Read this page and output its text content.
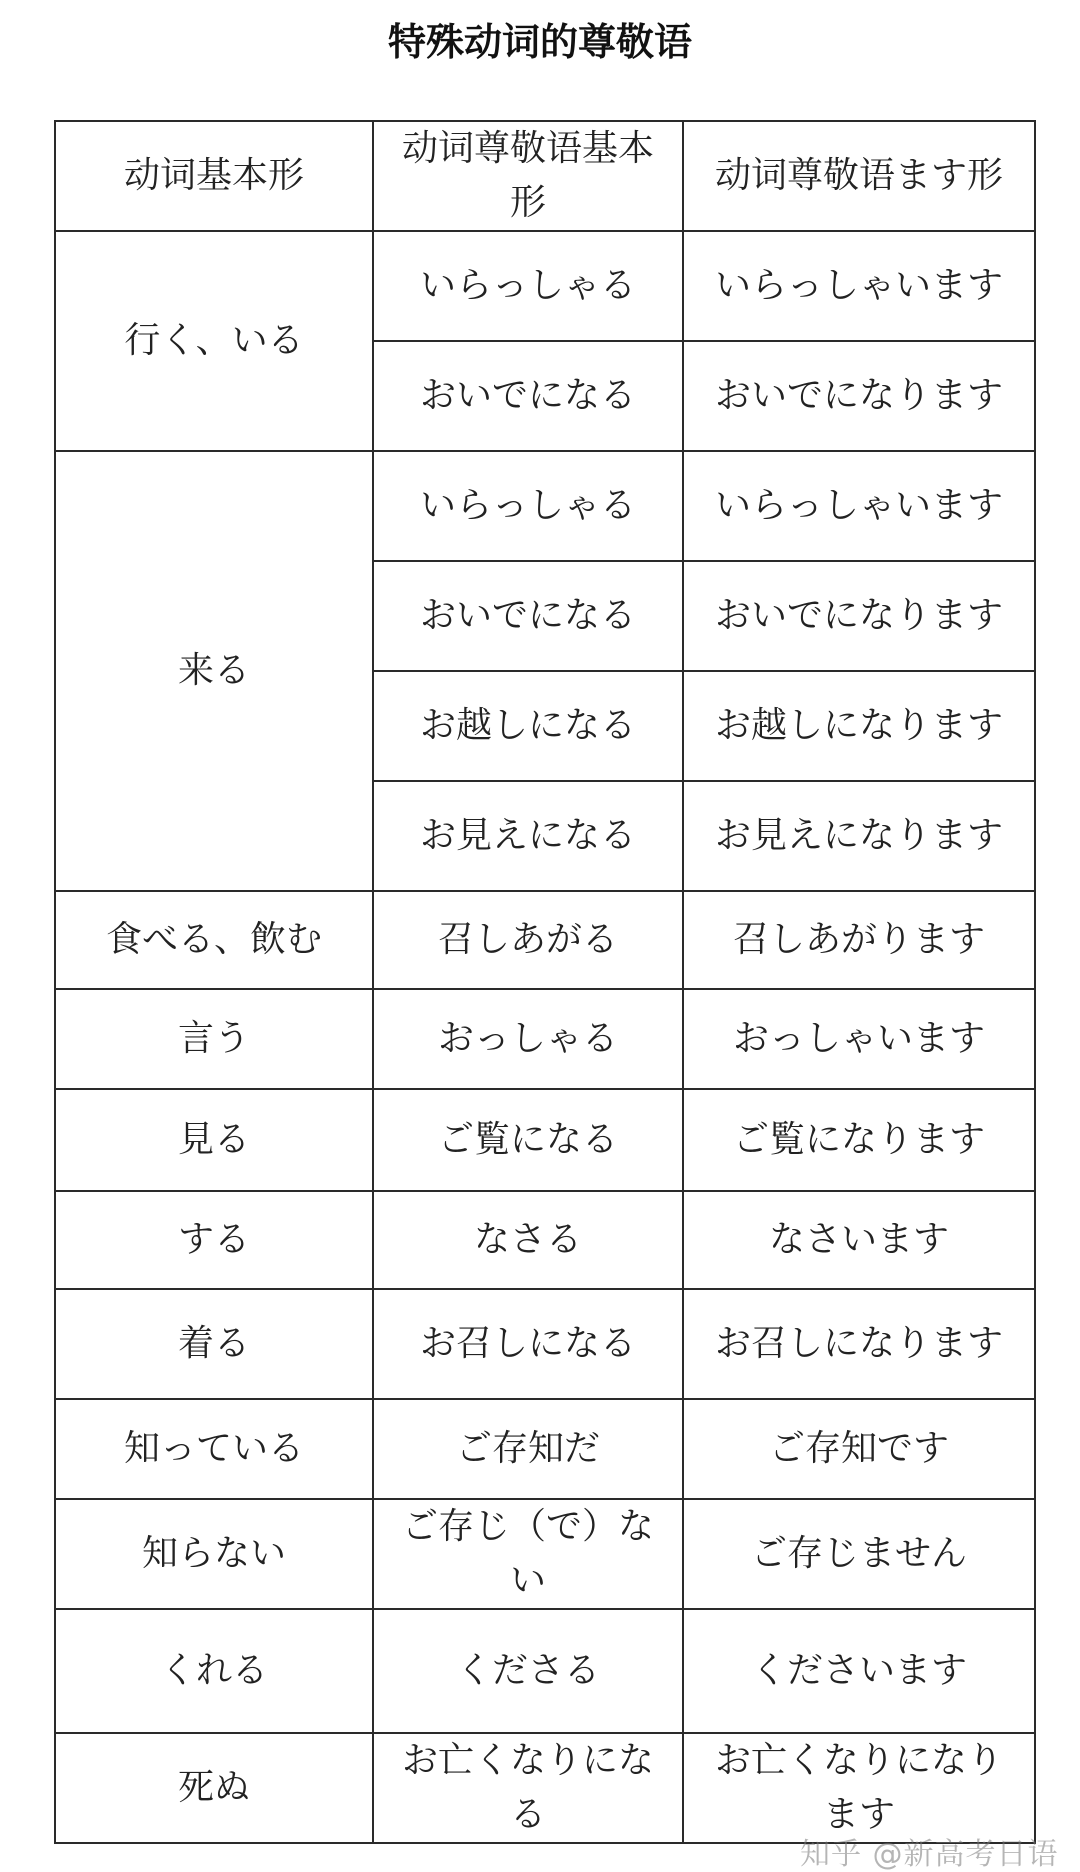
特殊动词的尊敬语
动词基本形	动词尊敬语基本形	动词尊敬语ます形
行く、いる	いらっしゃる	いらっしゃいます
	おいでになる	おいでになります
来る	いらっしゃる	いらっしゃいます
	おいでになる	おいでになります
	お越しになる	お越しになります
	お見えになる	お見えになります
食べる、飲む	召しあがる	召しあがります
言う	おっしゃる	おっしゃいます
見る	ご覧になる	ご覧になります
する	なさる	なさいます
着る	お召しになる	お召しになります
知っている	ご存知だ	ご存知です
知らない	ご存じ（で）ない	ご存じません
くれる	くださる	くださいます
死ぬ	お亡くなりになる	お亡くなりになります
知乎 @新高考日语
